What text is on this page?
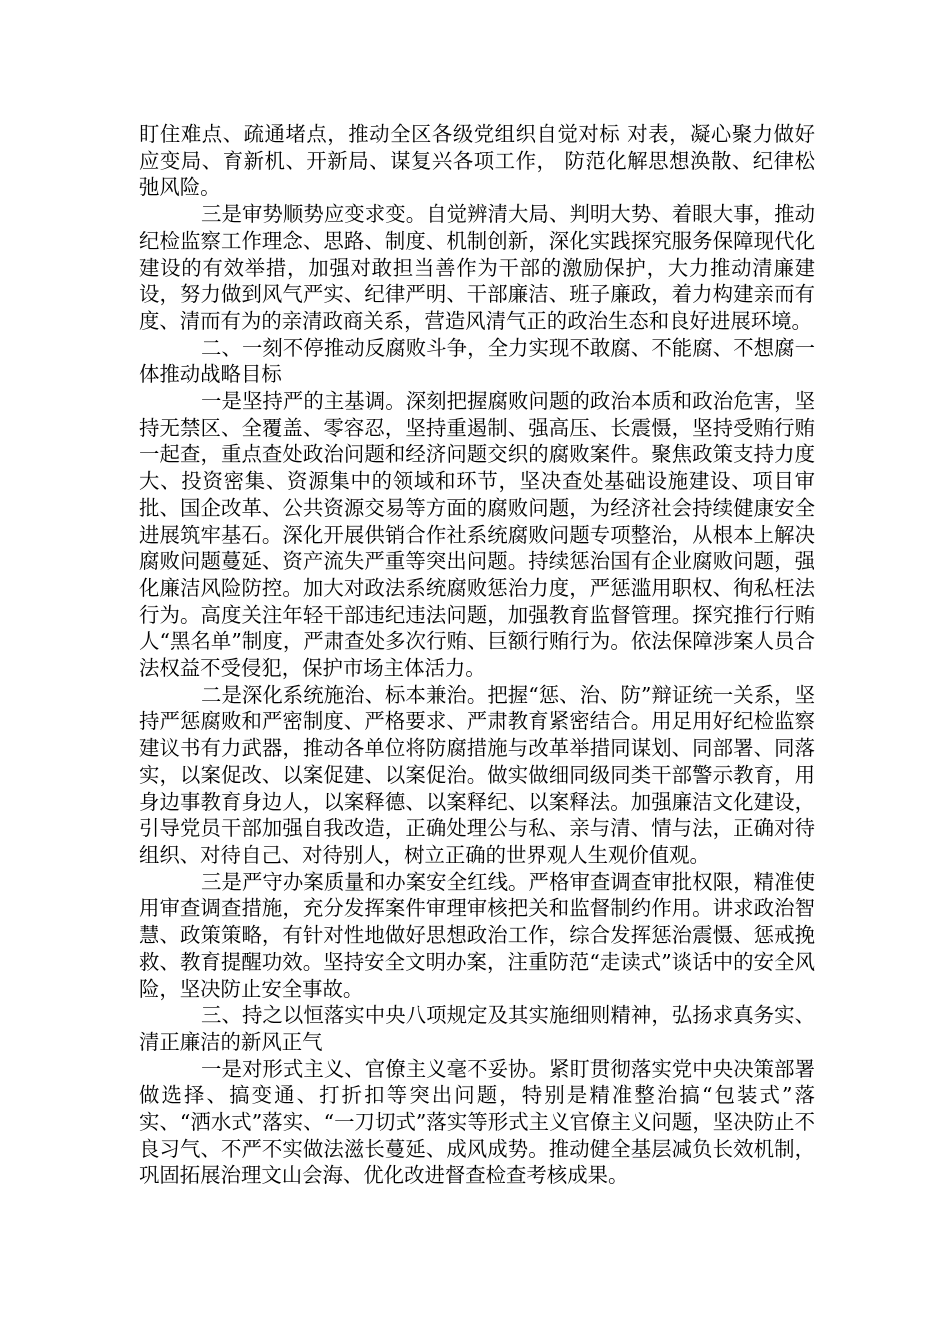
盯住难点、疏通堵点，推动全区各级党组织自觉对标 对表，凝心聚力做好应变局、育新机、开新局、谋复兴各项工作， 防范化解思想涣散、纪律松弛风险。

三是审势顺势应变求变。自觉辨清大局、判明大势、着眼大事，推动纪检监察工作理念、思路、制度、机制创新，深化实践探究服务保障现代化建设的有效举措，加强对敢担当善作为干部的激励保护，大力推动清廉建设，努力做到风气严实、纪律严明、干部廉洁、班子廉政，着力构建亲而有度、清而有为的亲清政商关系，营造风清气正的政治生态和良好进展环境。

二、一刻不停推动反腐败斗争，全力实现不敢腐、不能腐、不想腐一体推动战略目标

一是坚持严的主基调。深刻把握腐败问题的政治本质和政治危害，坚持无禁区、全覆盖、零容忍，坚持重遏制、强高压、长震慑，坚持受贿行贿一起查，重点查处政治问题和经济问题交织的腐败案件。聚焦政策支持力度大、投资密集、资源集中的领域和环节，坚决查处基础设施建设、项目审批、国企改革、公共资源交易等方面的腐败问题，为经济社会持续健康安全进展筑牢基石。深化开展供销合作社系统腐败问题专项整治，从根本上解决腐败问题蔓延、资产流失严重等突出问题。持续惩治国有企业腐败问题，强化廉洁风险防控。加大对政法系统腐败惩治力度，严惩滥用职权、徇私枉法行为。高度关注年轻干部违纪违法问题，加强教育监督管理。探究推行行贿人“黑名单”制度，严肃查处多次行贿、巨额行贿行为。依法保障涉案人员合法权益不受侵犯，保护市场主体活力。

二是深化系统施治、标本兼治。把握“惩、治、防”辩证统一关系，坚持严惩腐败和严密制度、严格要求、严肃教育紧密结合。用足用好纪检监察建议书有力武器，推动各单位将防腐措施与改革举措同谋划、同部署、同落实，以案促改、以案促建、以案促治。做实做细同级同类干部警示教育，用身边事教育身边人，以案释德、以案释纪、以案释法。加强廉洁文化建设，引导党员干部加强自我改造，正确处理公与私、亲与清、情与法，正确对待组织、对待自己、对待别人，树立正确的世界观人生观价值观。

三是严守办案质量和办案安全红线。严格审查调查审批权限，精准使用审查调查措施，充分发挥案件审理审核把关和监督制约作用。讲求政治智慧、政策策略，有针对性地做好思想政治工作，综合发挥惩治震慑、惩戒挽救、教育提醒功效。坚持安全文明办案，注重防范“走读式”谈话中的安全风险，坚决防止安全事故。

三、持之以恒落实中央八项规定及其实施细则精神，弘扬求真务实、清正廉洁的新风正气

一是对形式主义、官僚主义毫不妥协。紧盯贯彻落实党中央决策部署做选择、搞变通、打折扣等突出问题，特别是精准整治搞“包装式”落实、“洒水式”落实、“一刀切式”落实等形式主义官僚主义问题，坚决防止不良习气、不严不实做法滋长蔓延、成风成势。推动健全基层减负长效机制，巩固拓展治理文山会海、优化改进督查检查考核成果。
